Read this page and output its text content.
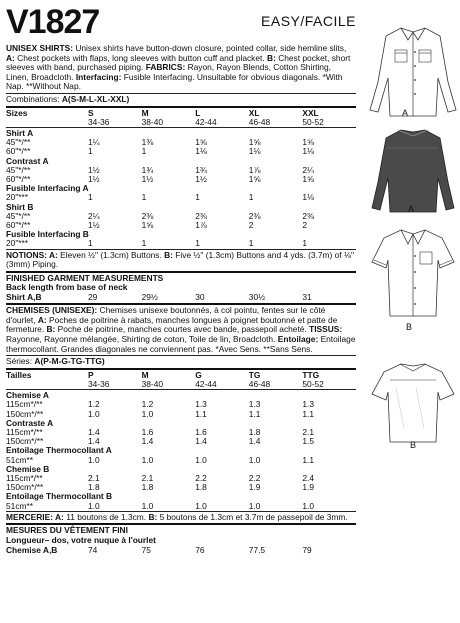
V1827	EASY/FACILE

UNISEX SHIRTS: Unisex shirts have button-down closure, pointed collar, side hemline slits, A: Chest pockets with flaps, long sleeves with button cuff and placket. B: Chest pocket, short sleeves with band, purchased piping. FABRICS: Rayon, Rayon Blends, Cotton Shirting, Linen, Broadcloth. Interfacing: Fusible Interfacing. Unsuitable for obvious diagonals. *With Nap. **Without Nap.

Combinations: A(S-M-L-XL-XXL)

Sizes	S	M	L	XL	XXL
	34-36	38-40	42-44	46-48	50-52

Shirt A					
45"*/**	1¼	1⅜	1⅝	1⅝	1⅝
60"*/**	1	1	1⅛	1⅛	1⅛
Contrast A					
45"*/**	1½	1¾	1¾	1⅞	2¼
60"*/**	1½	1½	1½	1⅝	1⅝
Fusible Interfacing A					
20"***	1	1	1	1	1⅛
Shirt B					
45"*/**	2¼	2⅜	2⅜	2⅜	2⅜
60"*/**	1½	1⅝	1⅞	2	2
Fusible Interfacing B					
20"***	1	1	1	1	1

NOTIONS: A: Eleven ½" (1.3cm) Buttons. B: Five ½" (1.3cm) Buttons and 4 yds. (3.7m) of ⅛" (3mm) Piping.

FINISHED GARMENT MEASUREMENTS
Back length from base of neck
Shirt A,B	29	29½	30	30½	31

CHEMISES (UNISEXE): Chemises unisexe boutonnés, à col pointu, fentes sur le côté d'ourlet, A: Poches de poitrine à rabats, manches longues à poignet boutonné et patte de fermeture. B: Poche de poitrine, manches courtes avec bande, passepoil acheté. TISSUS: Rayonne, Rayonne mélangée, Shirting de coton, Toile de lin, Broadcloth. Entoilage: Entoilage thermocollant. Grandes diagonales ne conviennent pas. *Avec Sens. **Sans Sens.

Séries: A(P-M-G-TG-TTG)

Tailles	P	M	G	TG	TTG
	34-36	38-40	42-44	46-48	50-52

Chemise A					
115cm*/**	1.2	1.2	1.3	1.3	1.3
150cm*/**	1.0	1.0	1.1	1.1	1.1
Contraste A					
115cm*/**	1.4	1.6	1.6	1.8	2.1
150cm*/**	1.4	1.4	1.4	1.4	1.5
Entoilage Thermocollant A					
51cm**	1.0	1.0	1.0	1.0	1.1
Chemise B					
115cm*/**	2.1	2.1	2.2	2.2	2.4
150cm*/**	1.8	1.8	1.8	1.9	1.9
Entoilage Thermocollant B					
51cm**	1.0	1.0	1.0	1.0	1.0

MERCERIE: A: 11 boutons de 1.3cm. B: 5 boutons de 1.3cm et 3.7m de passepoil de 3mm.

MESURES DU VÊTEMENT FINI
Longueur– dos, votre nuque à l'ourlet
Chemise A,B	74	75	76	77.5	79
A
A
B
B
